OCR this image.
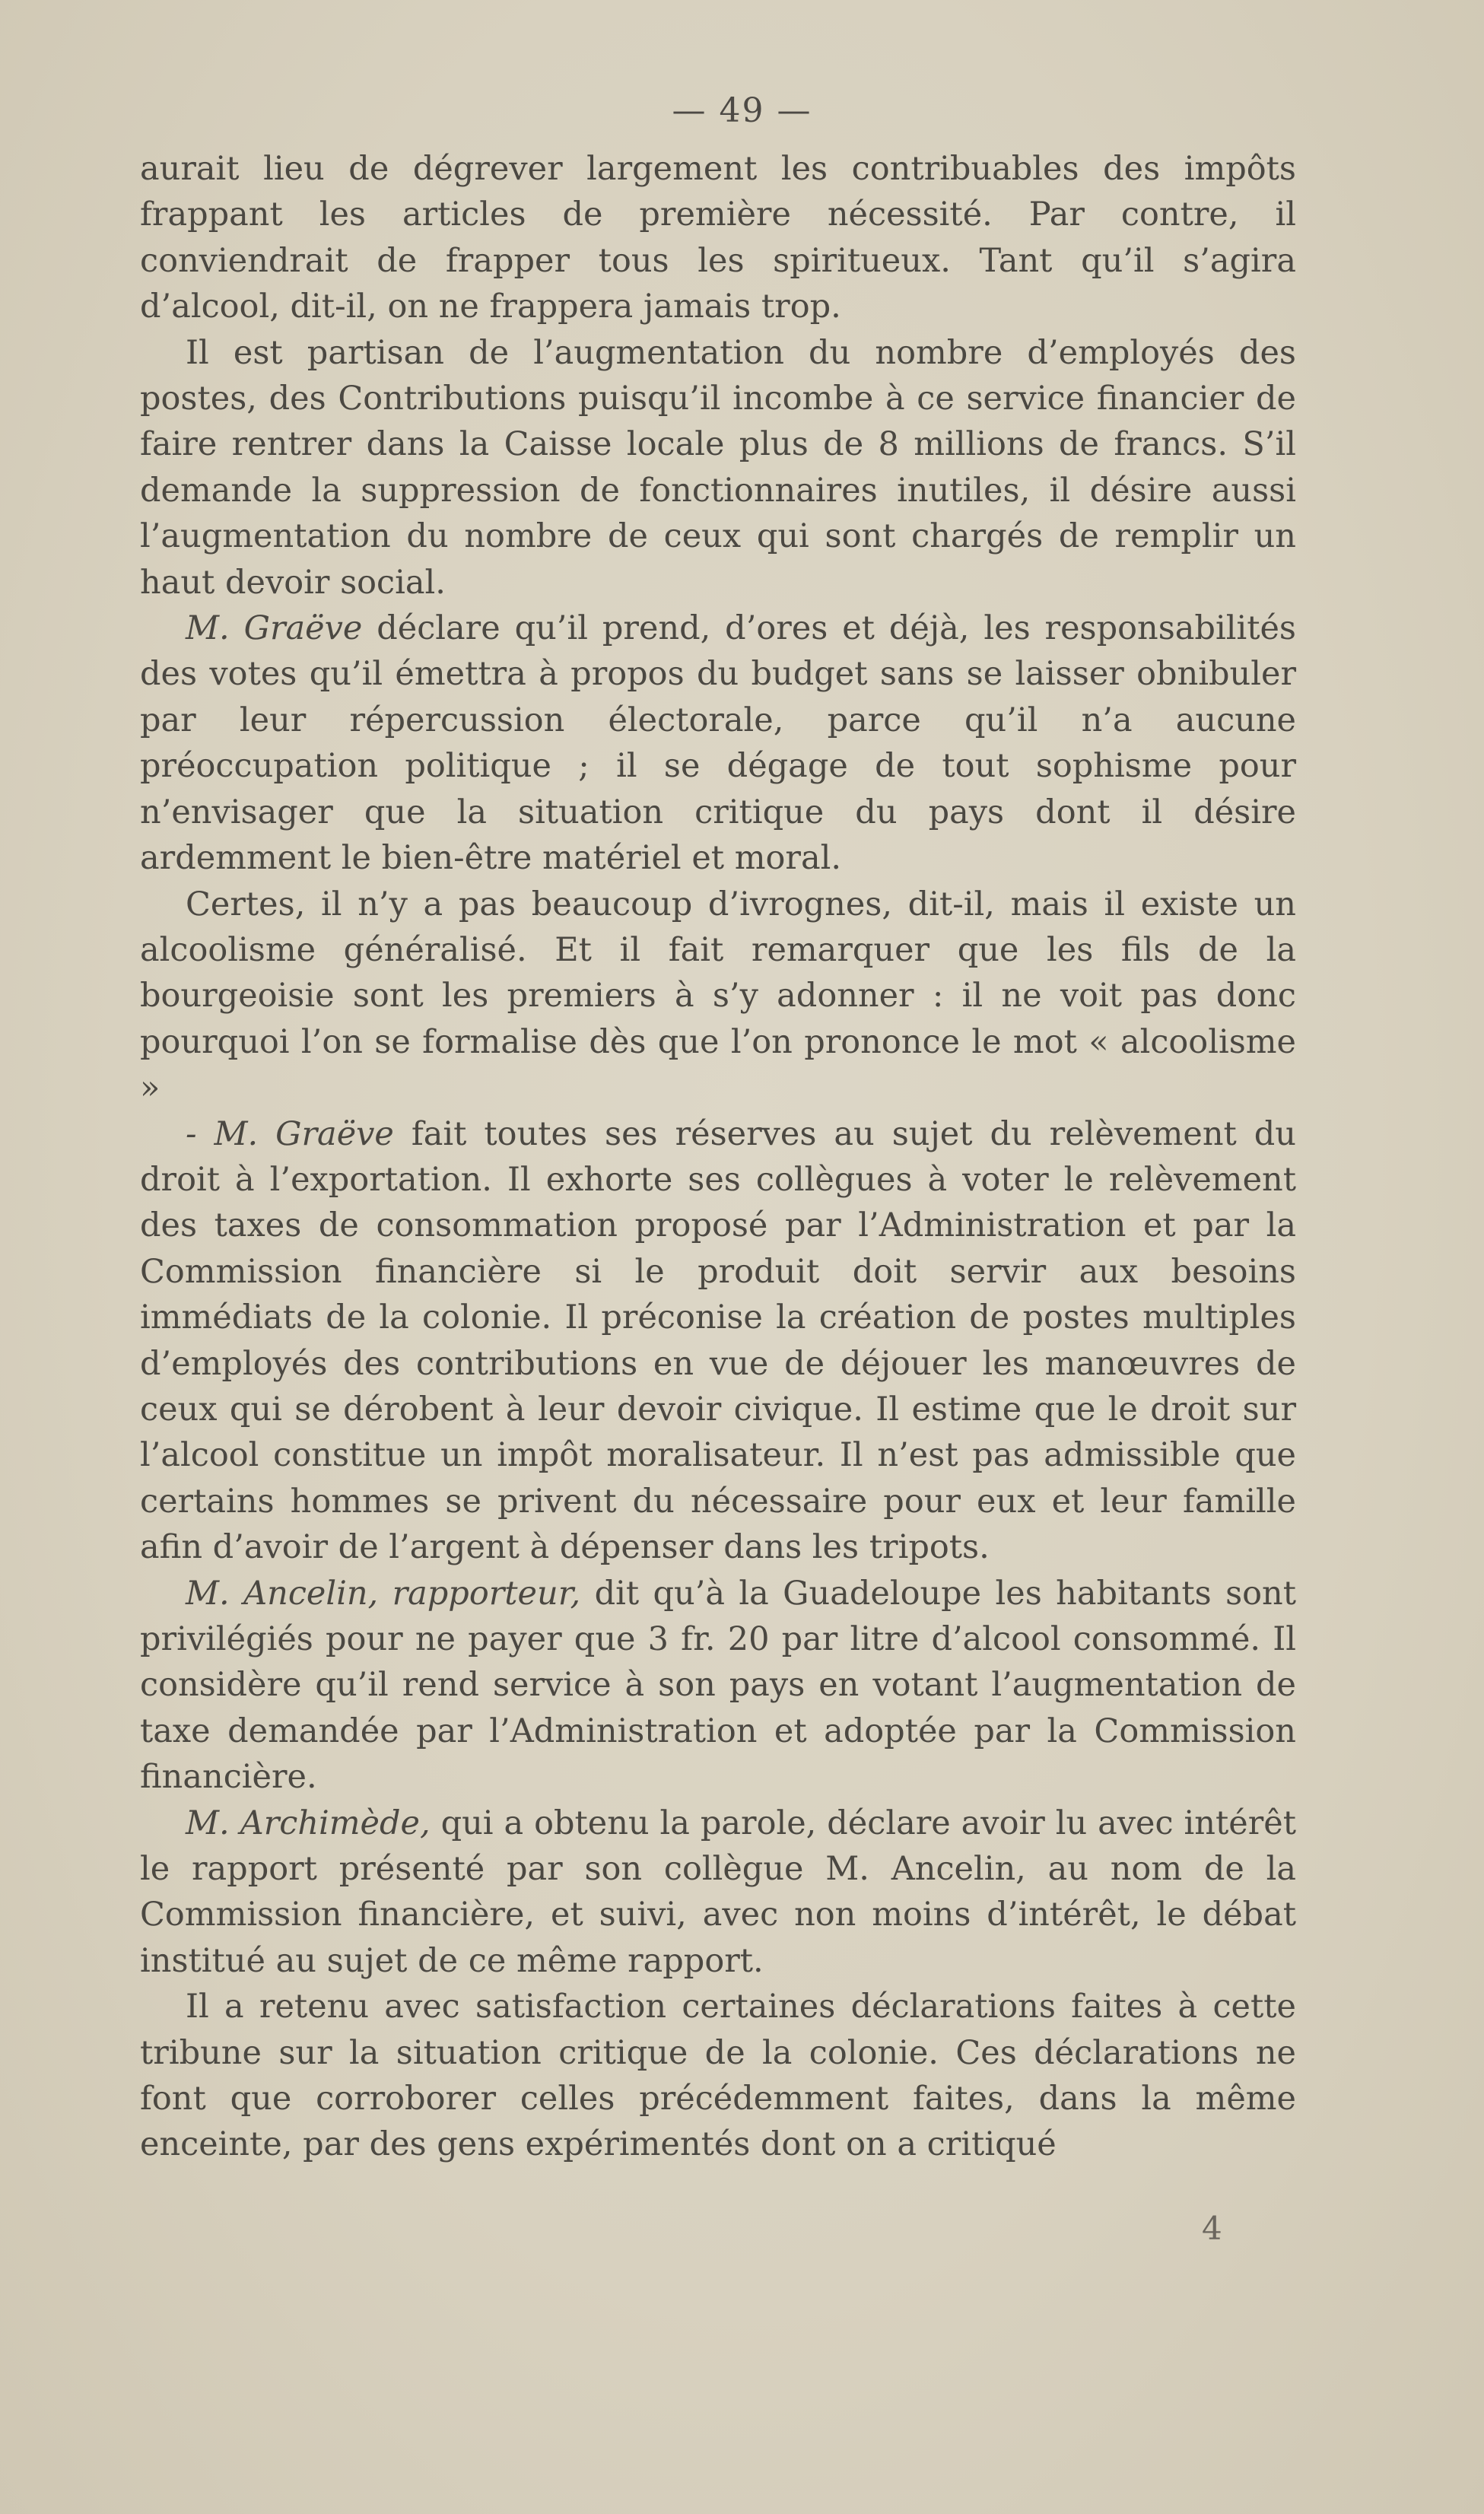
— 49 —

aurait lieu de dégrever largement les contribuables des impôts frappant les articles de première nécessité. Par contre, il conviendrait de frapper tous les spiritueux. Tant qu’il s’agira d’alcool, dit-il, on ne frappera jamais trop.

Il est partisan de l’augmentation du nombre d’employés des postes, des Contributions puisqu’il incombe à ce service financier de faire rentrer dans la Caisse locale plus de 8 millions de francs. S’il demande la suppression de fonctionnaires inutiles, il désire aussi l’augmentation du nombre de ceux qui sont chargés de remplir un haut devoir social.

M. Graëve déclare qu’il prend, d’ores et déjà, les responsabilités des votes qu’il émettra à propos du budget sans se laisser obnibuler par leur répercussion électorale, parce qu’il n’a aucune préoccupation politique ; il se dégage de tout sophisme pour n’envisager que la situation critique du pays dont il désire ardemment le bien-être matériel et moral.

Certes, il n’y a pas beaucoup d’ivrognes, dit-il, mais il existe un alcoolisme généralisé. Et il fait remarquer que les fils de la bourgeoisie sont les premiers à s’y adonner : il ne voit pas donc pourquoi l’on se formalise dès que l’on prononce le mot « alcoolisme »

- M. Graëve fait toutes ses réserves au sujet du relèvement du droit à l’exportation. Il exhorte ses collègues à voter le relèvement des taxes de consommation proposé par l’Administration et par la Commission financière si le produit doit servir aux besoins immédiats de la colonie. Il préconise la création de postes multiples d’employés des contributions en vue de déjouer les manœuvres de ceux qui se dérobent à leur devoir civique. Il estime que le droit sur l’alcool constitue un impôt moralisateur. Il n’est pas admissible que certains hommes se privent du nécessaire pour eux et leur famille afin d’avoir de l’argent à dépenser dans les tripots.

M. Ancelin, rapporteur, dit qu’à la Guadeloupe les habitants sont privilégiés pour ne payer que 3 fr. 20 par litre d’alcool consommé. Il considère qu’il rend service à son pays en votant l’augmentation de taxe demandée par l’Administration et adoptée par la Commission financière.

M. Archimède, qui a obtenu la parole, déclare avoir lu avec intérêt le rapport présenté par son collègue M. Ancelin, au nom de la Commission financière, et suivi, avec non moins d’intérêt, le débat institué au sujet de ce même rapport.

Il a retenu avec satisfaction certaines déclarations faites à cette tribune sur la situation critique de la colonie. Ces déclarations ne font que corroborer celles précédemment faites, dans la même enceinte, par des gens expérimentés dont on a critiqué

4
